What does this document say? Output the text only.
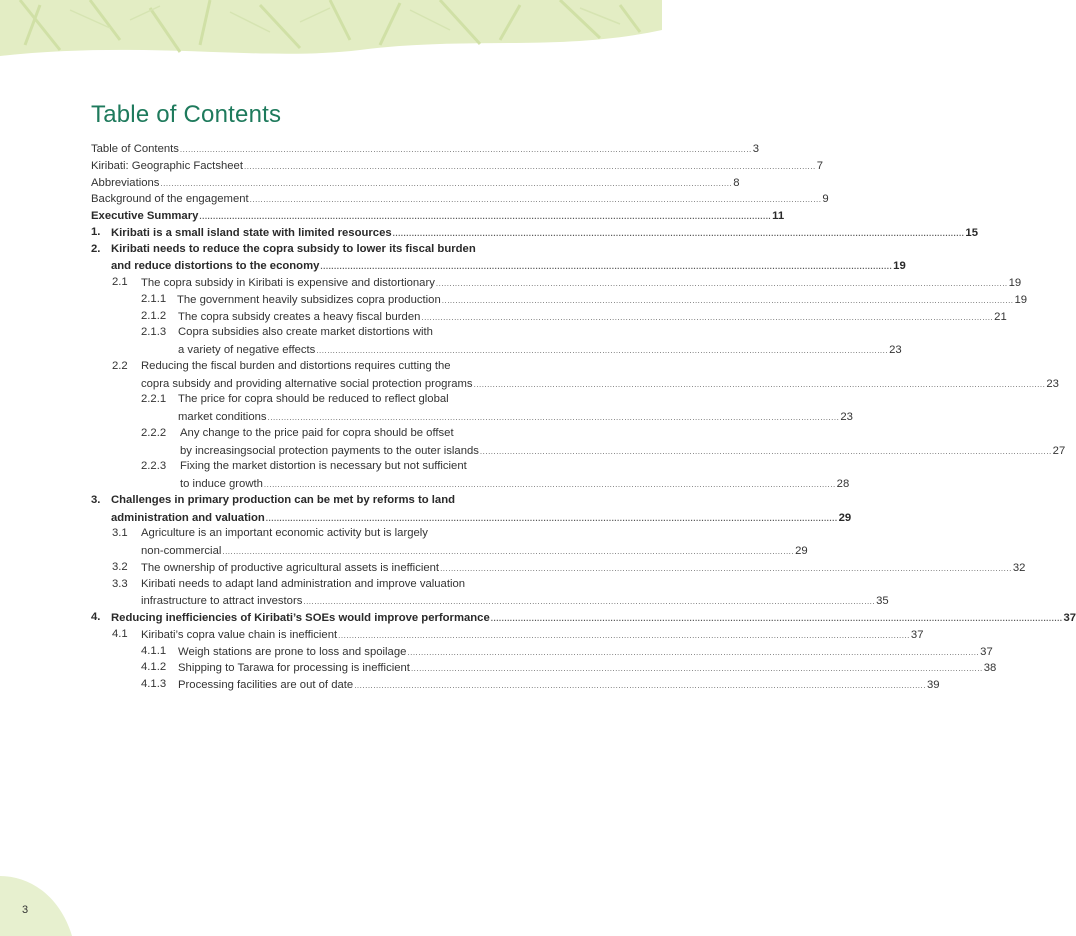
3
Table of Contents
Table of Contents .................................................................................................................................................................................................................. 3
Kiribati: Geographic Factsheet .................................................................................................................................................................................................................. 7
Abbreviations .................................................................................................................................................................................................................. 8
Background of the engagement .................................................................................................................................................................................................................. 9
Executive Summary .................................................................................................................................................................................................................. 11
1. Kiribati is a small island state with limited resources .................................................................................................................................................................................................................. 15
2. Kiribati needs to reduce the copra subsidy to lower its fiscal burden
and reduce distortions to the economy .................................................................................................................................................................................................................. 19
2.1 The copra subsidy in Kiribati is expensive and distortionary .................................................................................................................................................................................................................. 19
2.1.1 The government heavily subsidizes copra production .................................................................................................................................................................................................................. 19
2.1.2 The copra subsidy creates a heavy fiscal burden .................................................................................................................................................................................................................. 21
2.1.3 Copra subsidies also create market distortions with
a variety of negative effects .................................................................................................................................................................................................................. 23
2.2 Reducing the fiscal burden and distortions requires cutting the
copra subsidy and providing alternative social protection programs .................................................................................................................................................................................................................. 23
2.2.1 The price for copra should be reduced to reflect global
market conditions .................................................................................................................................................................................................................. 23
2.2.2 Any change to the price paid for copra should be offset
by increasingsocial protection payments to the outer islands .................................................................................................................................................................................................................. 27
2.2.3 Fixing the market distortion is necessary but not sufficient
to induce growth .................................................................................................................................................................................................................. 28
3. Challenges in primary production can be met by reforms to land
administration and valuation .................................................................................................................................................................................................................. 29
3.1 Agriculture is an important economic activity but is largely
non-commercial .................................................................................................................................................................................................................. 29
3.2 The ownership of productive agricultural assets is inefficient .................................................................................................................................................................................................................. 32
3.3 Kiribati needs to adapt land administration and improve valuation
infrastructure to attract investors .................................................................................................................................................................................................................. 35
4. Reducing inefficiencies of Kiribati’s SOEs would improve performance .................................................................................................................................................................................................................. 37
4.1 Kiribati’s copra value chain is inefficient .................................................................................................................................................................................................................. 37
4.1.1 Weigh stations are prone to loss and spoilage .................................................................................................................................................................................................................. 37
4.1.2 Shipping to Tarawa for processing is inefficient .................................................................................................................................................................................................................. 38
4.1.3 Processing facilities are out of date .................................................................................................................................................................................................................. 39
